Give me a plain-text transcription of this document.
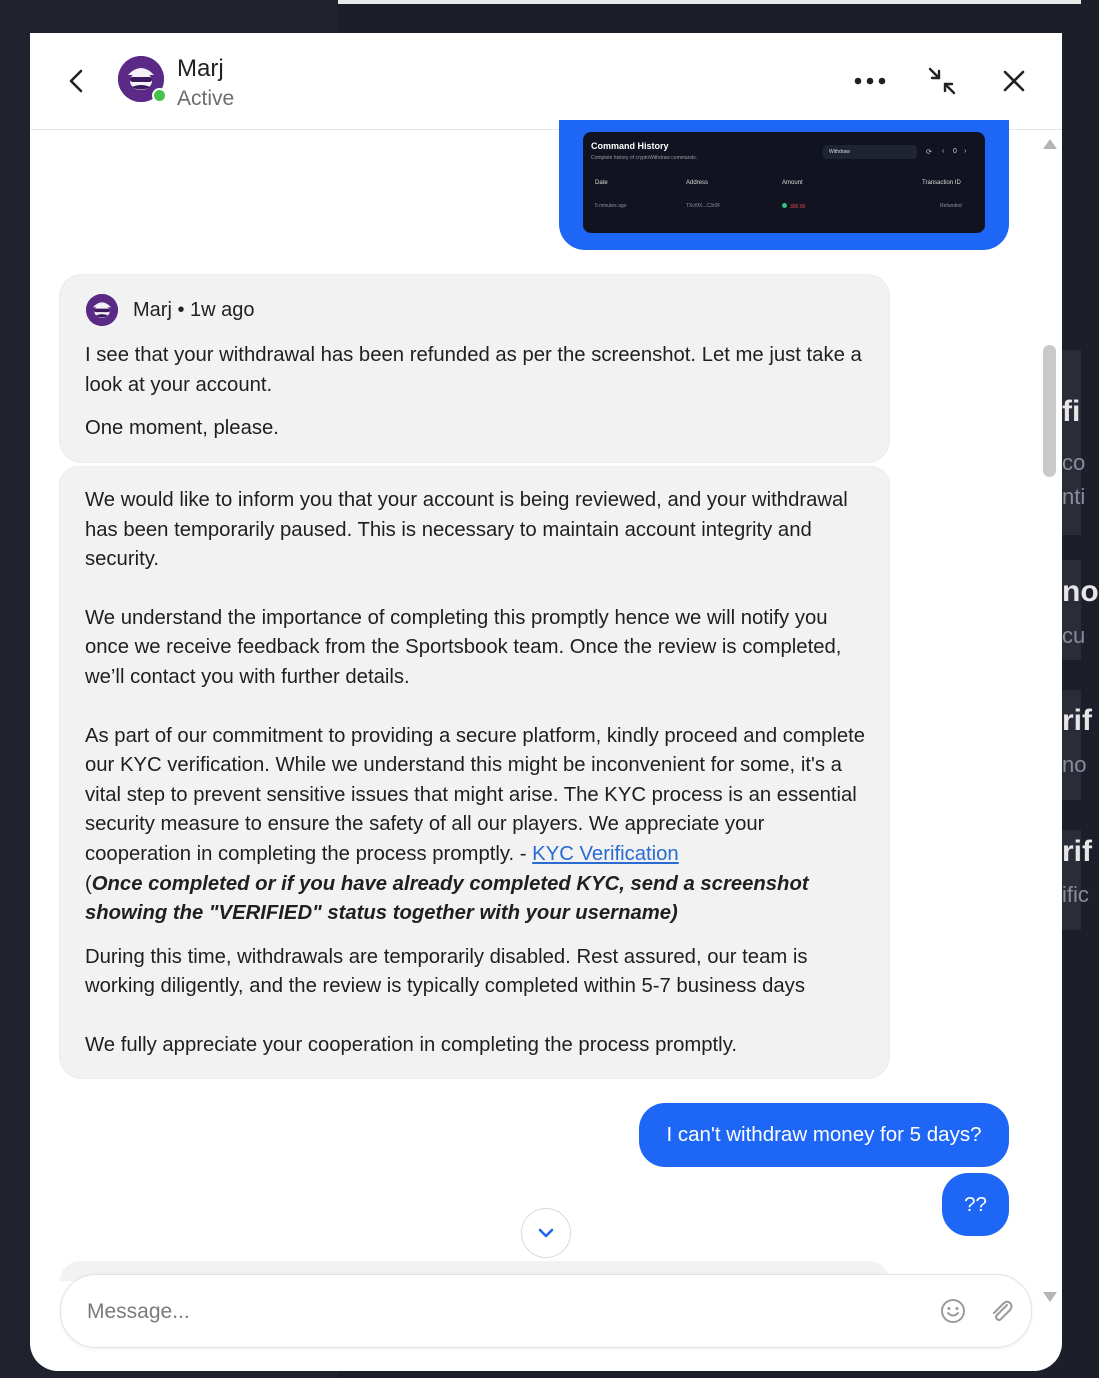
fi
co
nti
no
cu
rif
no
rif
ific
Marj
Active
Command History
Complete history of cryptoWithdraw commands.
Withdraw	⟳ ‹ 0 ›
Date	Address	Amount	Transaction ID
5 minutes ago	TXc6fX...C3r0F	300.00	Refunded
Marj • 1w ago

I see that your withdrawal has been refunded as per the screenshot. Let me just take a look at your account.

One moment, please.

We would like to inform you that your account is being reviewed, and your withdrawal has been temporarily paused. This is necessary to maintain account integrity and security.

We understand the importance of completing this promptly hence we will notify you once we receive feedback from the Sportsbook team. Once the review is completed, we’ll contact you with further details.

As part of our commitment to providing a secure platform, kindly proceed and complete our KYC verification. While we understand this might be inconvenient for some, it's a vital step to prevent sensitive issues that might arise. The KYC process is an essential security measure to ensure the safety of all our players. We appreciate your cooperation in completing the process promptly. - KYC Verification

(Once completed or if you have already completed KYC, send a screenshot showing the "VERIFIED" status together with your username)

During this time, withdrawals are temporarily disabled. Rest assured, our team is working diligently, and the review is typically completed within 5-7 business days

We fully appreciate your cooperation in completing the process promptly.

I can't withdraw money for 5 days?
??
Message...
